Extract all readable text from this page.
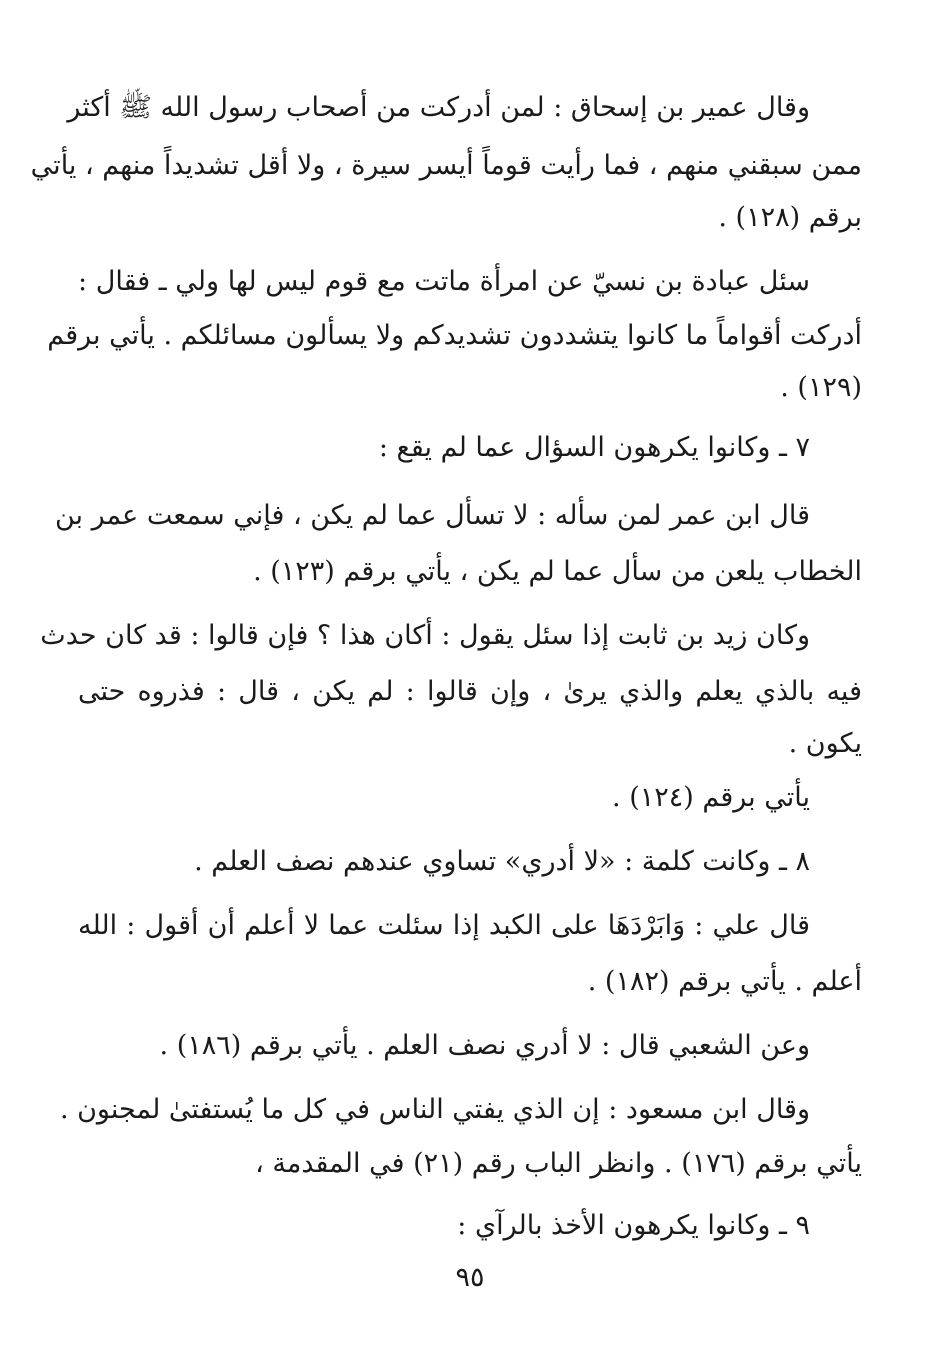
وقال عمير بن إسحاق : لمن أدركت من أصحاب رسول الله ﷺ أكثر
ممن سبقني منهم ، فما رأيت قوماً أيسر سيرة ، ولا أقل تشديداً منهم ، يأتي
برقم (١٢٨) .
سئل عبادة بن نسيّ عن امرأة ماتت مع قوم ليس لها ولي ـ فقال :
أدركت أقواماً ما كانوا يتشددون تشديدكم ولا يسألون مسائلكم . يأتي برقم
(١٢٩) .
٧ ـ وكانوا يكرهون السؤال عما لم يقع :
قال ابن عمر لمن سأله : لا تسأل عما لم يكن ، فإني سمعت عمر بن
الخطاب يلعن من سأل عما لم يكن ، يأتي برقم (١٢٣) .
وكان زيد بن ثابت إذا سئل يقول : أكان هذا ؟ فإن قالوا : قد كان حدث
فيه بالذي يعلم والذي يرىٰ ، وإن قالوا : لم يكن ، قال : فذروه حتى
يكون .
يأتي برقم (١٢٤) .
٨ ـ وكانت كلمة : «لا أدري» تساوي عندهم نصف العلم .
قال علي : وَابَرْدَهَا على الكبد إذا سئلت عما لا أعلم أن أقول : الله
أعلم . يأتي برقم (١٨٢) .
وعن الشعبي قال : لا أدري نصف العلم . يأتي برقم (١٨٦) .
وقال ابن مسعود : إن الذي يفتي الناس في كل ما يُستفتىٰ لمجنون .
يأتي برقم (١٧٦) . وانظر الباب رقم (٢١) في المقدمة ،
٩ ـ وكانوا يكرهون الأخذ بالرآي :
٩٥
